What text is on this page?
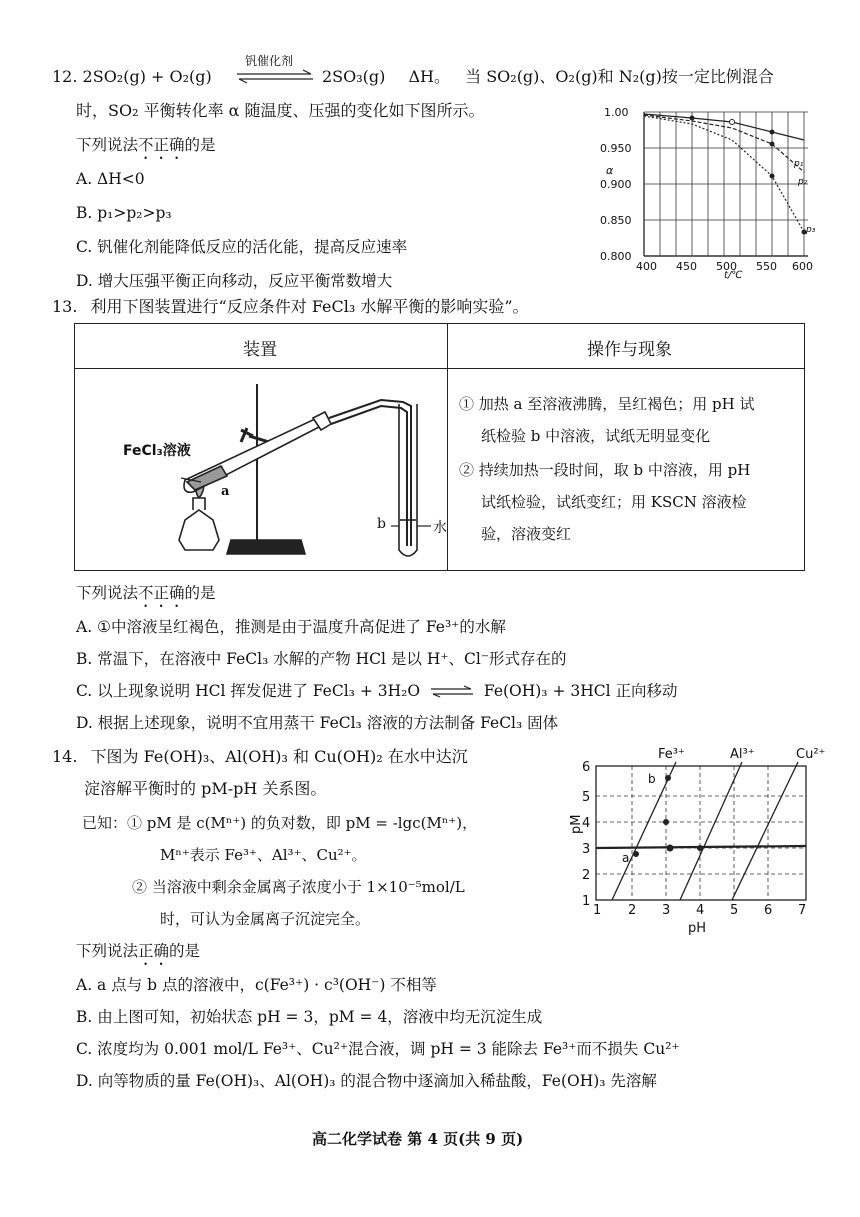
12. 2SO₂(g) + O₂(g)
钒催化剂
2SO₃(g) ΔH。 当 SO₂(g)、O₂(g)和 N₂(g)按一定比例混合
时，SO₂ 平衡转化率 α 随温度、压强的变化如下图所示。
下列说法不正确的是
A. ΔH<0
B. p₁>p₂>p₃
C. 钒催化剂能降低反应的活化能，提高反应速率
D. 增大压强平衡正向移动，反应平衡常数增大
1.00
0.950
0.900
0.850
0.800
400 450 500 550 600
α
t/℃
p₁
p₂
p₃
13. 利用下图装置进行“反应条件对 FeCl₃ 水解平衡的影响实验”。
装置	操作与现象
FeCl₃溶液
a
b	水
① 加热 a 至溶液沸腾，呈红褐色；用 pH 试
纸检验 b 中溶液，试纸无明显变化
② 持续加热一段时间，取 b 中溶液，用 pH
试纸检验，试纸变红；用 KSCN 溶液检
验，溶液变红
下列说法不正确的是
A. ①中溶液呈红褐色，推测是由于温度升高促进了 Fe³⁺的水解
B. 常温下，在溶液中 FeCl₃ 水解的产物 HCl 是以 H⁺、Cl⁻形式存在的
C. 以上现象说明 HCl 挥发促进了 FeCl₃ + 3H₂O ⇌ Fe(OH)₃ + 3HCl 正向移动
D. 根据上述现象，说明不宜用蒸干 FeCl₃ 溶液的方法制备 FeCl₃ 固体
14. 下图为 Fe(OH)₃、Al(OH)₃ 和 Cu(OH)₂ 在水中达沉
淀溶解平衡时的 pM-pH 关系图。
已知：① pM 是 c(Mⁿ⁺) 的负对数，即 pM = -lgc(Mⁿ⁺)，
Mⁿ⁺表示 Fe³⁺、Al³⁺、Cu²⁺。
② 当溶液中剩余金属离子浓度小于 1×10⁻⁵mol/L
时，可认为金属离子沉淀完全。
下列说法正确的是
A. a 点与 b 点的溶液中，c(Fe³⁺) · c³(OH⁻) 不相等
B. 由上图可知，初始状态 pH = 3，pM = 4，溶液中均无沉淀生成
C. 浓度均为 0.001 mol/L Fe³⁺、Cu²⁺混合液，调 pH = 3 能除去 Fe³⁺而不损失 Cu²⁺
D. 向等物质的量 Fe(OH)₃、Al(OH)₃ 的混合物中逐滴加入稀盐酸，Fe(OH)₃ 先溶解
Fe³⁺	Al³⁺	Cu²⁺
a
b
6
5
4
3
2
1
1 2 3 4 5 6 7
pH
pM
高二化学试卷 第 4 页(共 9 页)
